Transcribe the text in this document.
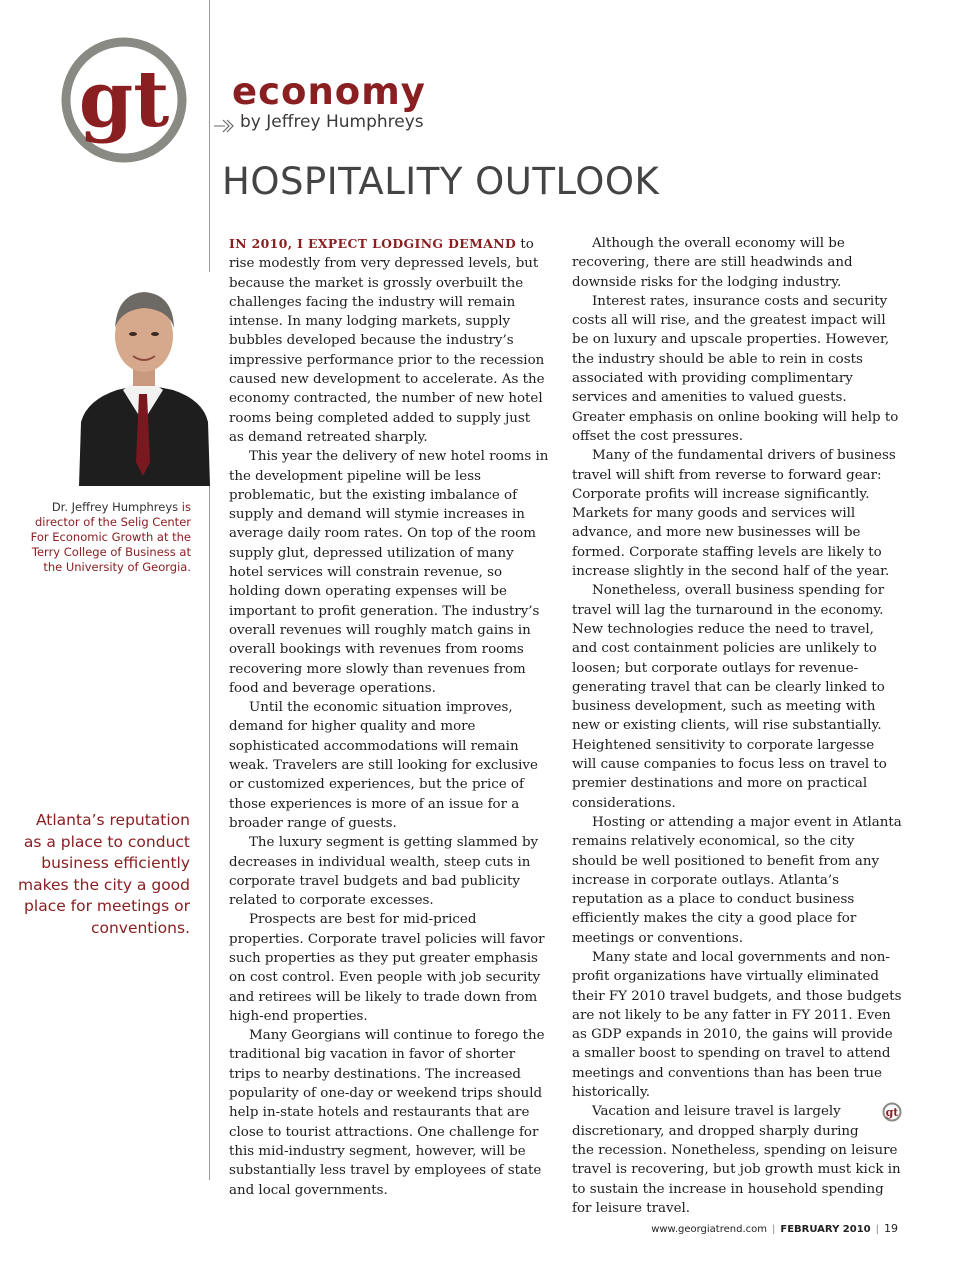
gt economy

by Jeffrey Humphreys

HOSPITALITY OUTLOOK

Dr. Jeffrey Humphreys is director of the Selig Center For Economic Growth at the Terry College of Business at the University of Georgia.

Atlanta’s reputation as a place to conduct business efficiently makes the city a good place for meetings or conventions.

IN 2010, I EXPECT LODGING DEMAND to rise modestly from very depressed levels, but because the market is grossly overbuilt the challenges facing the industry will remain intense. In many lodging markets, supply bubbles developed because the industry’s impressive performance prior to the recession caused new development to accelerate. As the economy contracted, the number of new hotel rooms being completed added to supply just as demand retreated sharply.

This year the delivery of new hotel rooms in the development pipeline will be less problematic, but the existing imbalance of supply and demand will stymie increases in average daily room rates. On top of the room supply glut, depressed utilization of many hotel services will constrain revenue, so holding down operating expenses will be important to profit generation. The industry’s overall revenues will roughly match gains in overall bookings with revenues from rooms recovering more slowly than revenues from food and beverage operations.

Until the economic situation improves, demand for higher quality and more sophisticated accommodations will remain weak. Travelers are still looking for exclusive or customized experiences, but the price of those experiences is more of an issue for a broader range of guests.

The luxury segment is getting slammed by decreases in individual wealth, steep cuts in corporate travel budgets and bad publicity related to corporate excesses.

Prospects are best for mid-priced properties. Corporate travel policies will favor such properties as they put greater emphasis on cost control. Even people with job security and retirees will be likely to trade down from high-end properties.

Many Georgians will continue to forego the traditional big vacation in favor of shorter trips to nearby destinations. The increased popularity of one-day or weekend trips should help in-state hotels and restaurants that are close to tourist attractions. One challenge for this mid-industry segment, however, will be substantially less travel by employees of state and local governments.

Although the overall economy will be recovering, there are still headwinds and downside risks for the lodging industry.

Interest rates, insurance costs and security costs all will rise, and the greatest impact will be on luxury and upscale properties. However, the industry should be able to rein in costs associated with providing complimentary services and amenities to valued guests. Greater emphasis on online booking will help to offset the cost pressures.

Many of the fundamental drivers of business travel will shift from reverse to forward gear: Corporate profits will increase significantly. Markets for many goods and services will advance, and more new businesses will be formed. Corporate staffing levels are likely to increase slightly in the second half of the year.

Nonetheless, overall business spending for travel will lag the turnaround in the economy. New technologies reduce the need to travel, and cost containment policies are unlikely to loosen; but corporate outlays for revenue-generating travel that can be clearly linked to business development, such as meeting with new or existing clients, will rise substantially. Heightened sensitivity to corporate largesse will cause companies to focus less on travel to premier destinations and more on practical considerations.

Hosting or attending a major event in Atlanta remains relatively economical, so the city should be well positioned to benefit from any increase in corporate outlays. Atlanta’s reputation as a place to conduct business efficiently makes the city a good place for meetings or conventions.

Many state and local governments and non-profit organizations have virtually eliminated their FY 2010 travel budgets, and those budgets are not likely to be any fatter in FY 2011. Even as GDP expands in 2010, the gains will provide a smaller boost to spending on travel to attend meetings and conventions than has been true historically.

gt
Vacation and leisure travel is largely discretionary, and dropped sharply during the recession. Nonetheless, spending on leisure travel is recovering, but job growth must kick in to sustain the increase in household spending for leisure travel.

www.georgiatrend.com | FEBRUARY 2010 | 19
